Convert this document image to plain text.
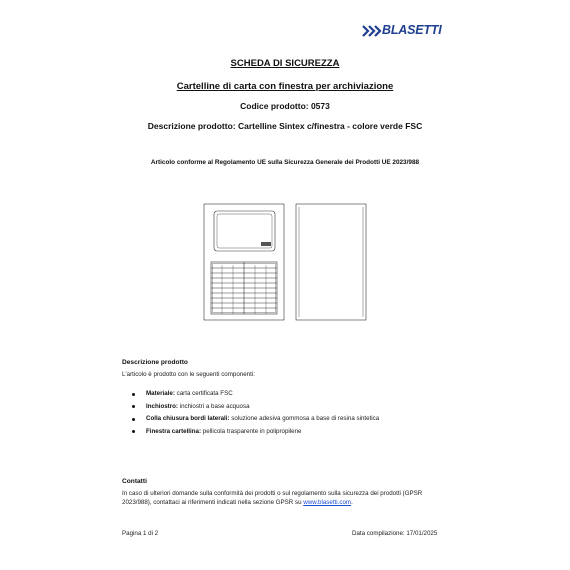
BLASETTI
SCHEDA DI SICUREZZA
Cartelline di carta con finestra per archiviazione
Codice prodotto: 0573
Descrizione prodotto: Cartelline Sintex c/finestra - colore verde FSC
Articolo conforme al Regolamento UE sulla Sicurezza Generale dei Prodotti UE 2023/988
Descrizione prodotto
L'articolo è prodotto con le seguenti componenti:
Materiale: carta certificata FSC
Inchiostro: inchiostri a base acquosa
Colla chiusura bordi laterali: soluzione adesiva gommosa a base di resina sintetica
Finestra cartellina: pellicola trasparente in polipropilene
Contatti
In caso di ulteriori domande sulla conformità dei prodotti o sul regolamento sulla sicurezza dei prodotti (GPSR
2023/988), contattaci ai riferimenti indicati nella sezione GPSR su www.blasetti.com.
Pagina 1 di 2	Data compilazione: 17/01/2025
